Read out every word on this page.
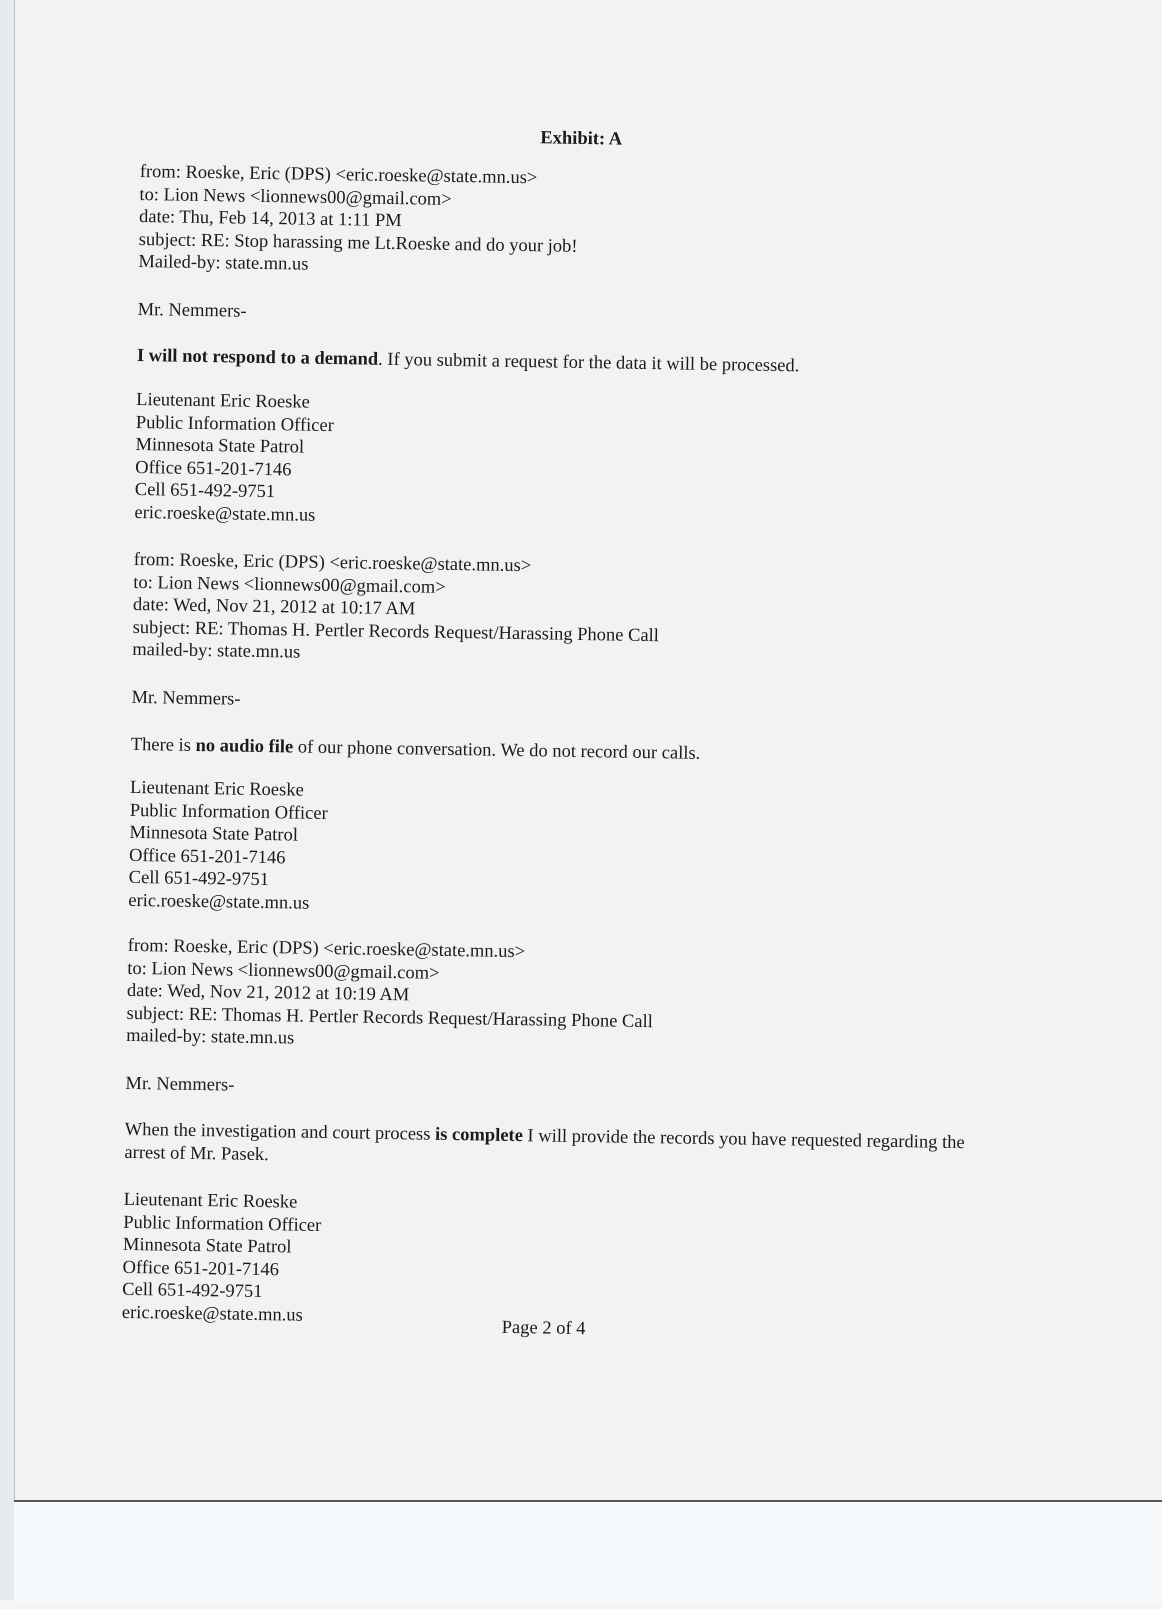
Exhibit: A
from: Roeske, Eric (DPS) <eric.roeske@state.mn.us>
to: Lion News <lionnews00@gmail.com>
date: Thu, Feb 14, 2013 at 1:11 PM
subject: RE: Stop harassing me Lt.Roeske and do your job!
Mailed-by: state.mn.us
Mr. Nemmers-
I will not respond to a demand. If you submit a request for the data it will be processed.
Lieutenant Eric Roeske
Public Information Officer
Minnesota State Patrol
Office 651-201-7146
Cell 651-492-9751
eric.roeske@state.mn.us
from: Roeske, Eric (DPS) <eric.roeske@state.mn.us>
to: Lion News <lionnews00@gmail.com>
date: Wed, Nov 21, 2012 at 10:17 AM
subject: RE: Thomas H. Pertler Records Request/Harassing Phone Call
mailed-by: state.mn.us
Mr. Nemmers-
There is no audio file of our phone conversation. We do not record our calls.
Lieutenant Eric Roeske
Public Information Officer
Minnesota State Patrol
Office 651-201-7146
Cell 651-492-9751
eric.roeske@state.mn.us
from: Roeske, Eric (DPS) <eric.roeske@state.mn.us>
to: Lion News <lionnews00@gmail.com>
date: Wed, Nov 21, 2012 at 10:19 AM
subject: RE: Thomas H. Pertler Records Request/Harassing Phone Call
mailed-by: state.mn.us
Mr. Nemmers-
When the investigation and court process is complete I will provide the records you have requested regarding the arrest of Mr. Pasek.
Lieutenant Eric Roeske
Public Information Officer
Minnesota State Patrol
Office 651-201-7146
Cell 651-492-9751
eric.roeske@state.mn.us
Page 2 of 4
